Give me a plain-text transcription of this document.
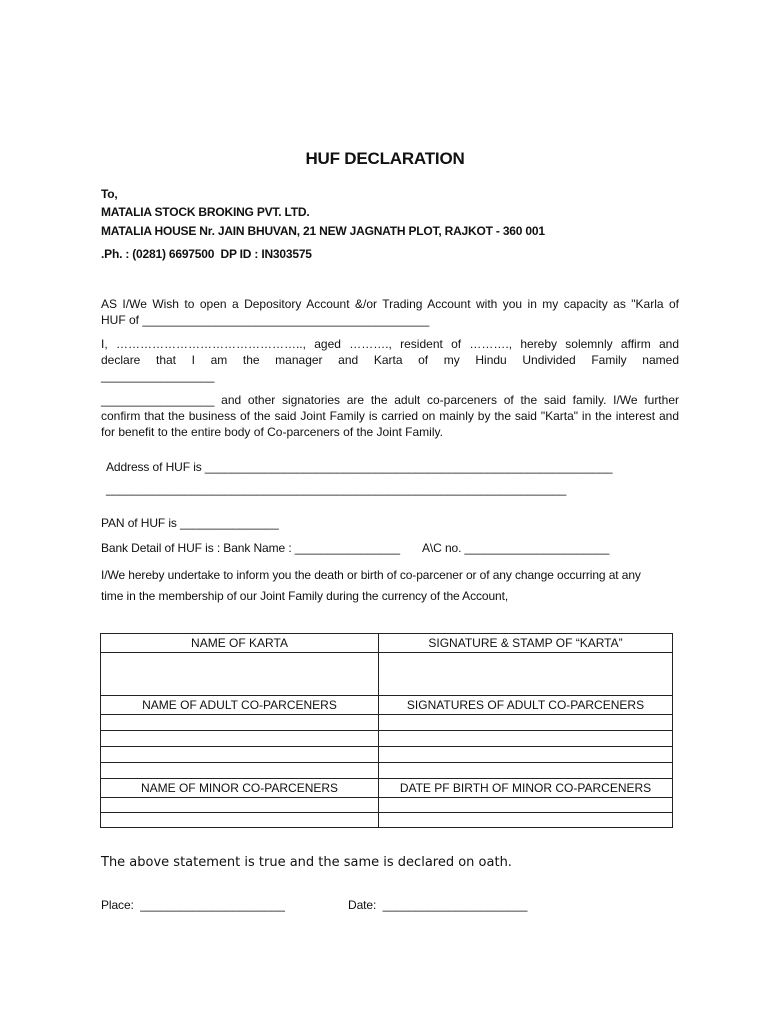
HUF DECLARATION
To,
MATALIA STOCK BROKING PVT. LTD.
MATALIA HOUSE Nr. JAIN BHUVAN, 21 NEW JAGNATH PLOT, RAJKOT - 360 001
.Ph. : (0281) 6697500  DP ID : IN303575
AS I/We Wish to open a Depository Account &/or Trading Account with you in my capacity as "Karla of
HUF of ___________________________________________
I, ……………………………………….., aged ………., resident of ………., hereby solemnly affirm and
declare that I am the manager and Karta of my Hindu Undivided Family named
_________________
_________________ and other signatories are the adult co-parceners of the said family. I/We further
confirm that the business of the said Joint Family is carried on mainly by the said "Karta" in the interest and
for benefit to the entire body of Co-parceners of the Joint Family.
Address of HUF is ______________________________________________________________
______________________________________________________________________
PAN of HUF is _______________
Bank Detail of HUF is : Bank Name : ________________ A\C no. ______________________
I/We hereby undertake to inform you the death or birth of co-parcener or of any change occurring at any
time in the membership of our Joint Family during the currency of the Account,
NAME OF KARTA	SIGNATURE & STAMP OF “KARTA”

NAME OF ADULT CO-PARCENERS	SIGNATURES OF ADULT CO-PARCENERS

NAME OF MINOR CO-PARCENERS	DATE PF BIRTH OF MINOR CO-PARCENERS

The above statement is true and the same is declared on oath.
Place:  ______________________	Date:  ______________________
